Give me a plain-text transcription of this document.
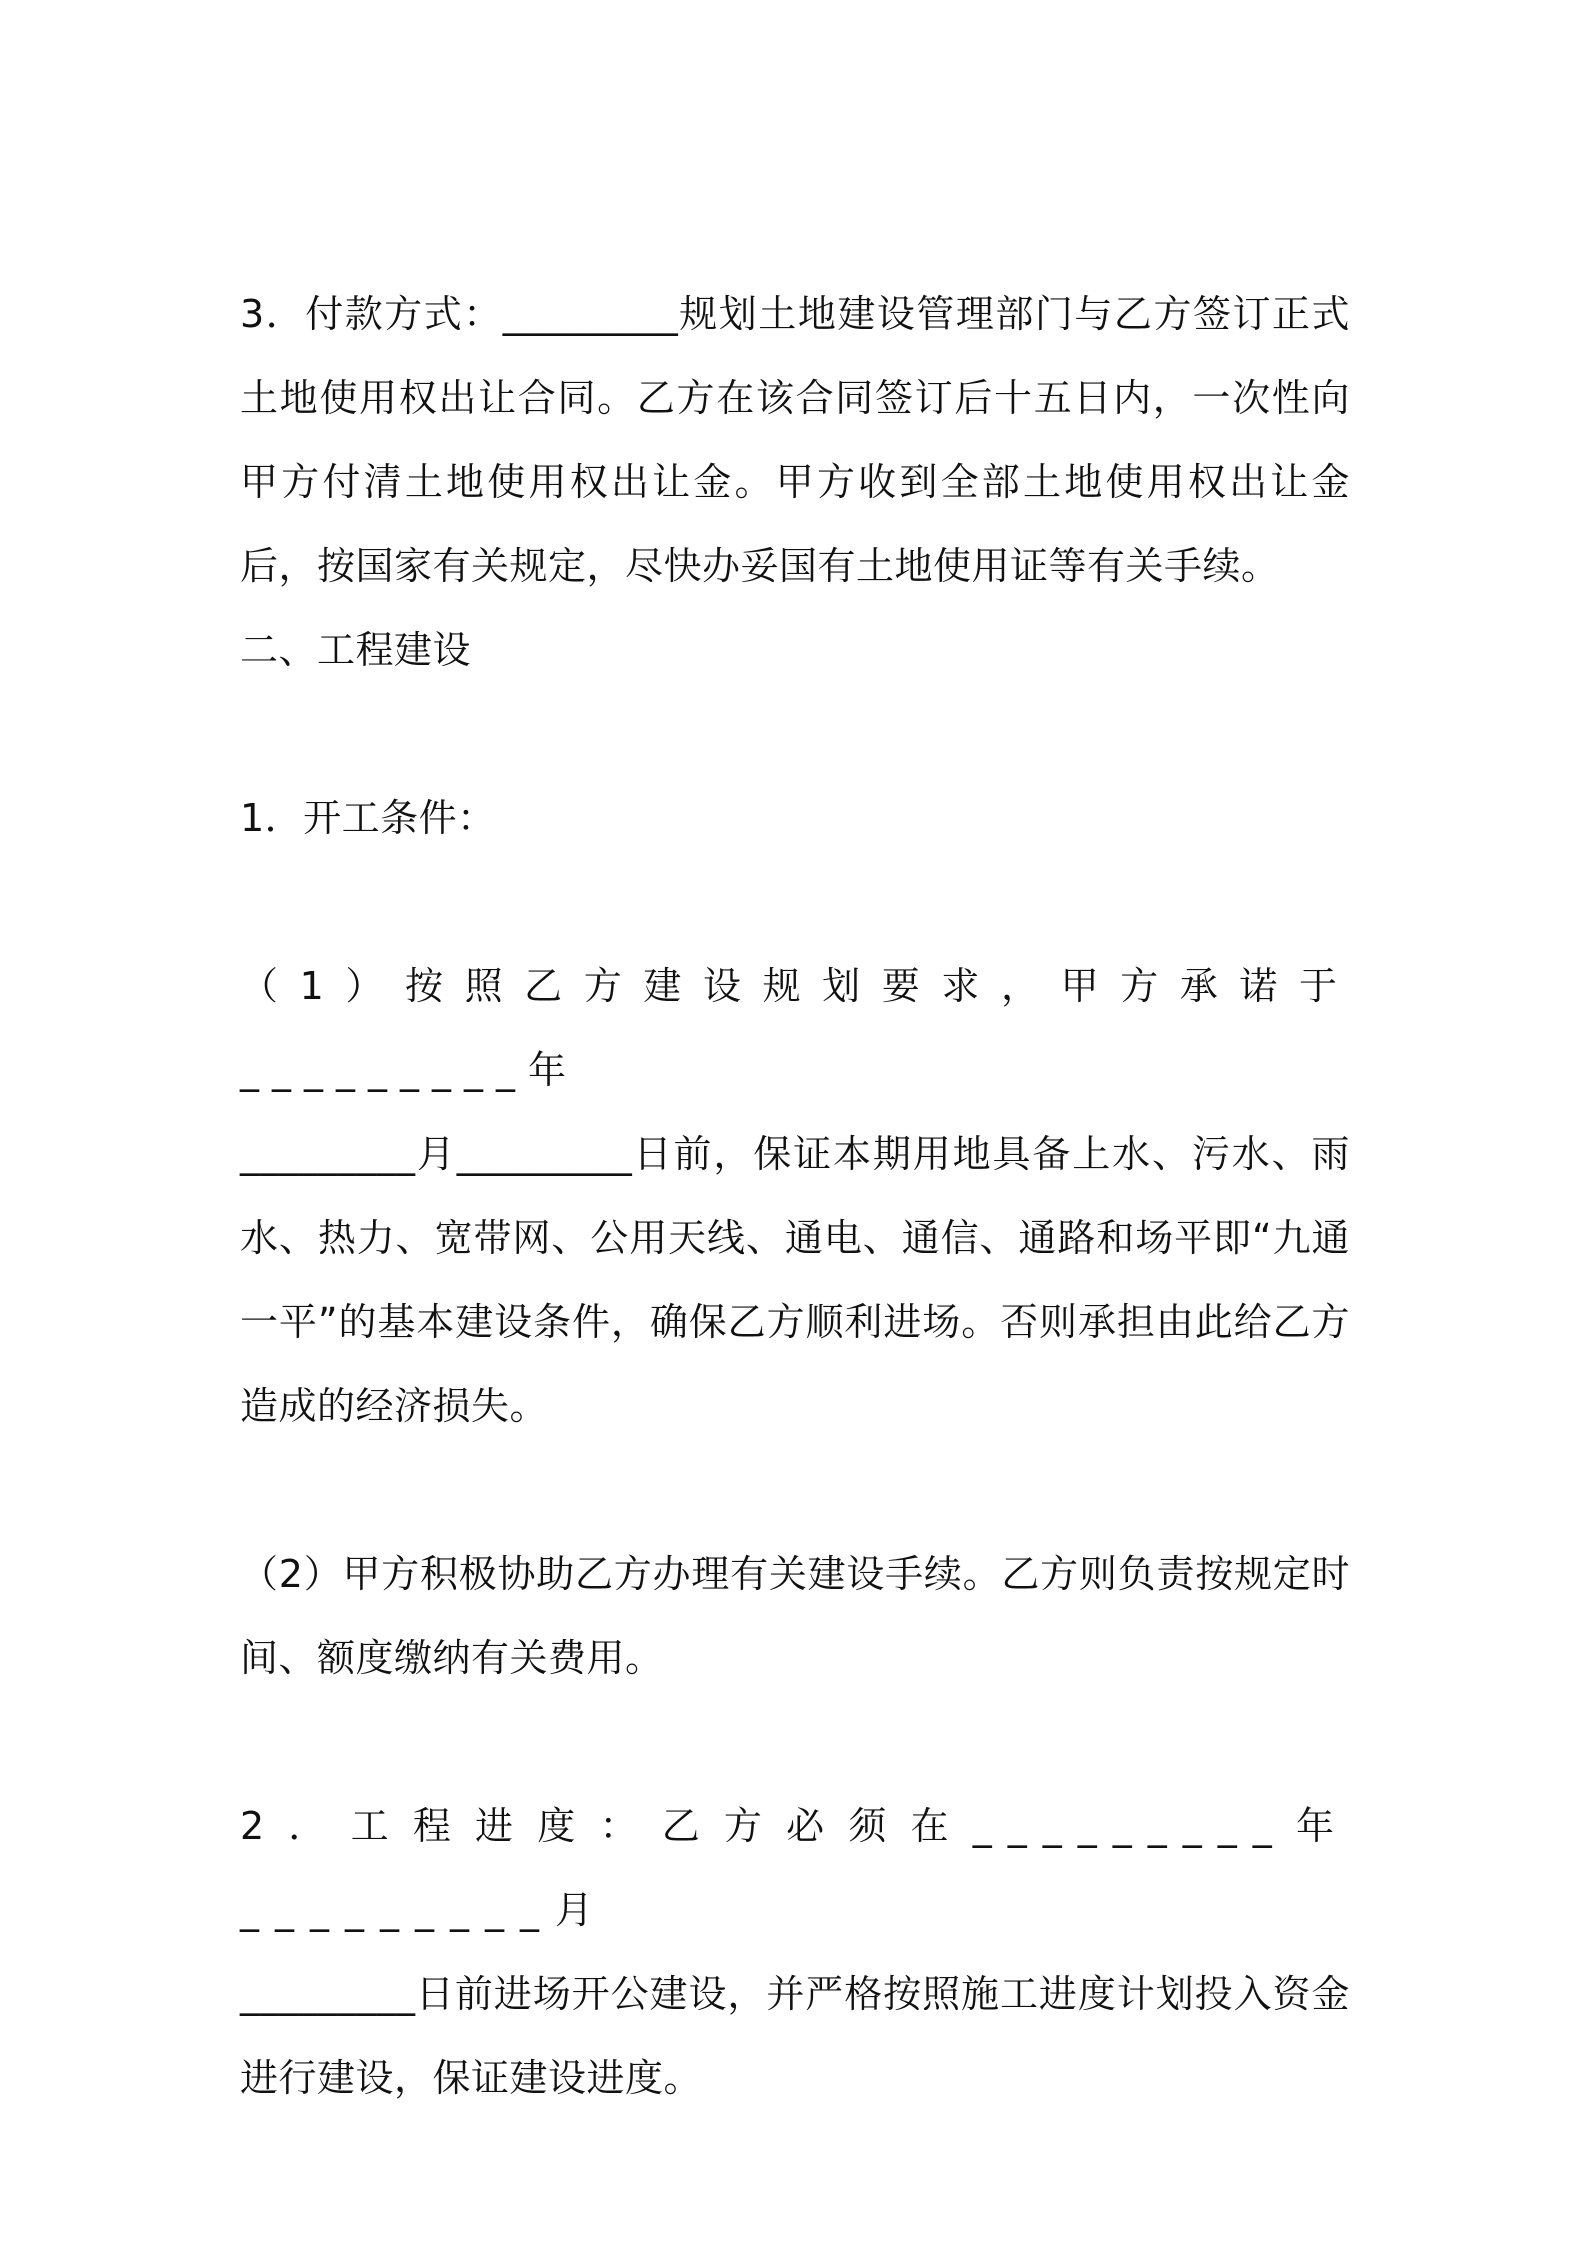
3．付款方式：_________规划土地建设管理部门与乙方签订正式土地使用权出让合同。乙方在该合同签订后十五日内，一次性向甲方付清土地使用权出让金。甲方收到全部土地使用权出让金后，按国家有关规定，尽快办妥国有土地使用证等有关手续。

二、工程建设

1．开工条件：

（1）按照乙方建设规划要求，甲方承诺于_________年

_________月_________日前，保证本期用地具备上水、污水、雨水、热力、宽带网、公用天线、通电、通信、通路和场平即“九通一平”的基本建设条件，确保乙方顺利进场。否则承担由此给乙方造成的经济损失。

（2）甲方积极协助乙方办理有关建设手续。乙方则负责按规定时间、额度缴纳有关费用。

2．工程进度：乙方必须在_________年_________月

_________日前进场开公建设，并严格按照施工进度计划投入资金进行建设，保证建设进度。
